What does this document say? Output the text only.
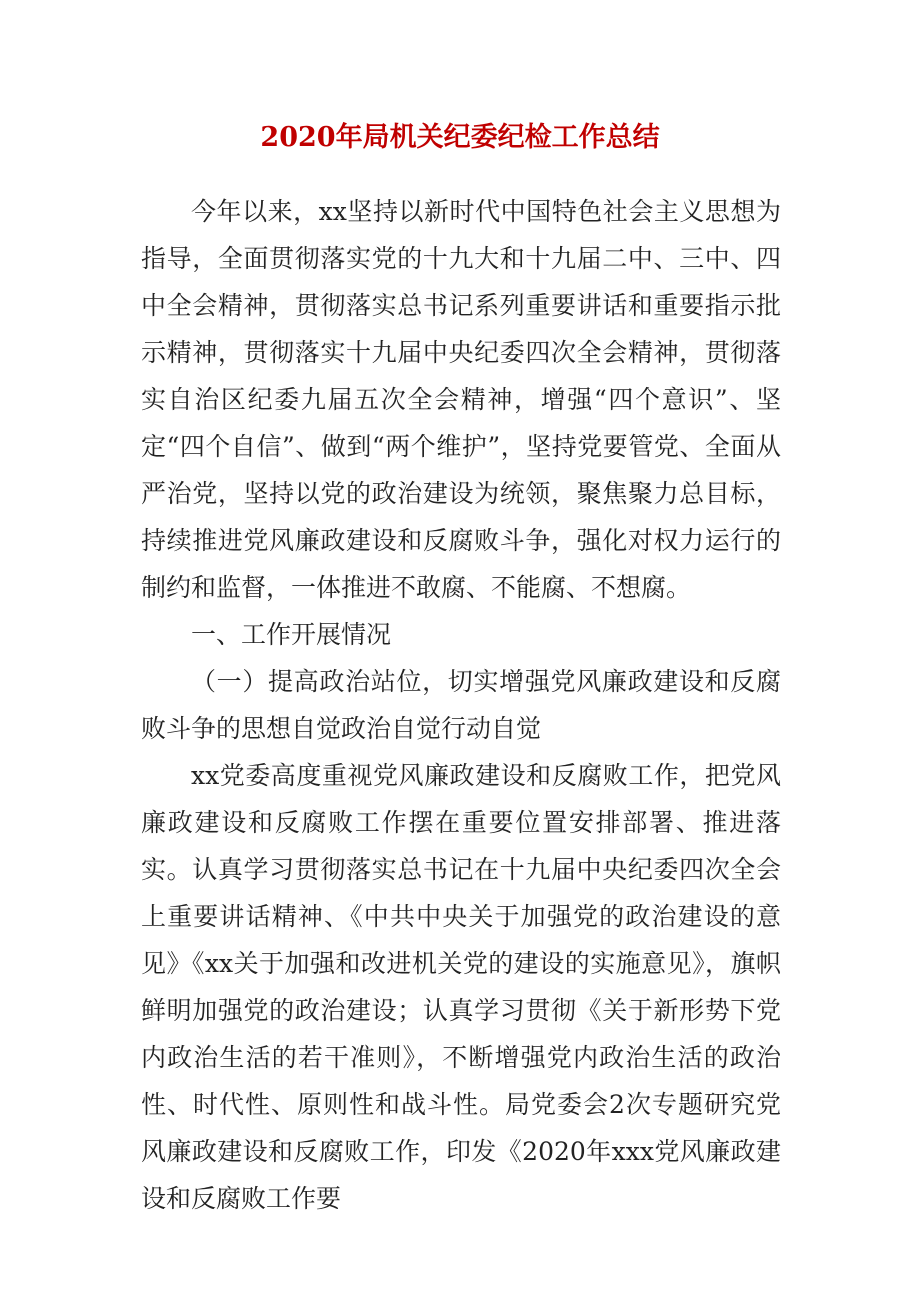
2020年局机关纪委纪检工作总结

今年以来，xx坚持以新时代中国特色社会主义思想为指导，全面贯彻落实党的十九大和十九届二中、三中、四中全会精神，贯彻落实总书记系列重要讲话和重要指示批示精神，贯彻落实十九届中央纪委四次全会精神，贯彻落实自治区纪委九届五次全会精神，增强“四个意识”、坚定“四个自信”、做到“两个维护”，坚持党要管党、全面从严治党，坚持以党的政治建设为统领，聚焦聚力总目标，持续推进党风廉政建设和反腐败斗争，强化对权力运行的制约和监督，一体推进不敢腐、不能腐、不想腐。

一、工作开展情况

（一）提高政治站位，切实增强党风廉政建设和反腐败斗争的思想自觉政治自觉行动自觉

xx党委高度重视党风廉政建设和反腐败工作，把党风廉政建设和反腐败工作摆在重要位置安排部署、推进落实。认真学习贯彻落实总书记在十九届中央纪委四次全会上重要讲话精神、《中共中央关于加强党的政治建设的意见》《xx关于加强和改进机关党的建设的实施意见》，旗帜鲜明加强党的政治建设；认真学习贯彻《关于新形势下党内政治生活的若干准则》，不断增强党内政治生活的政治性、时代性、原则性和战斗性。局党委会2次专题研究党风廉政建设和反腐败工作，印发《2020年xxx党风廉政建设和反腐败工作要
